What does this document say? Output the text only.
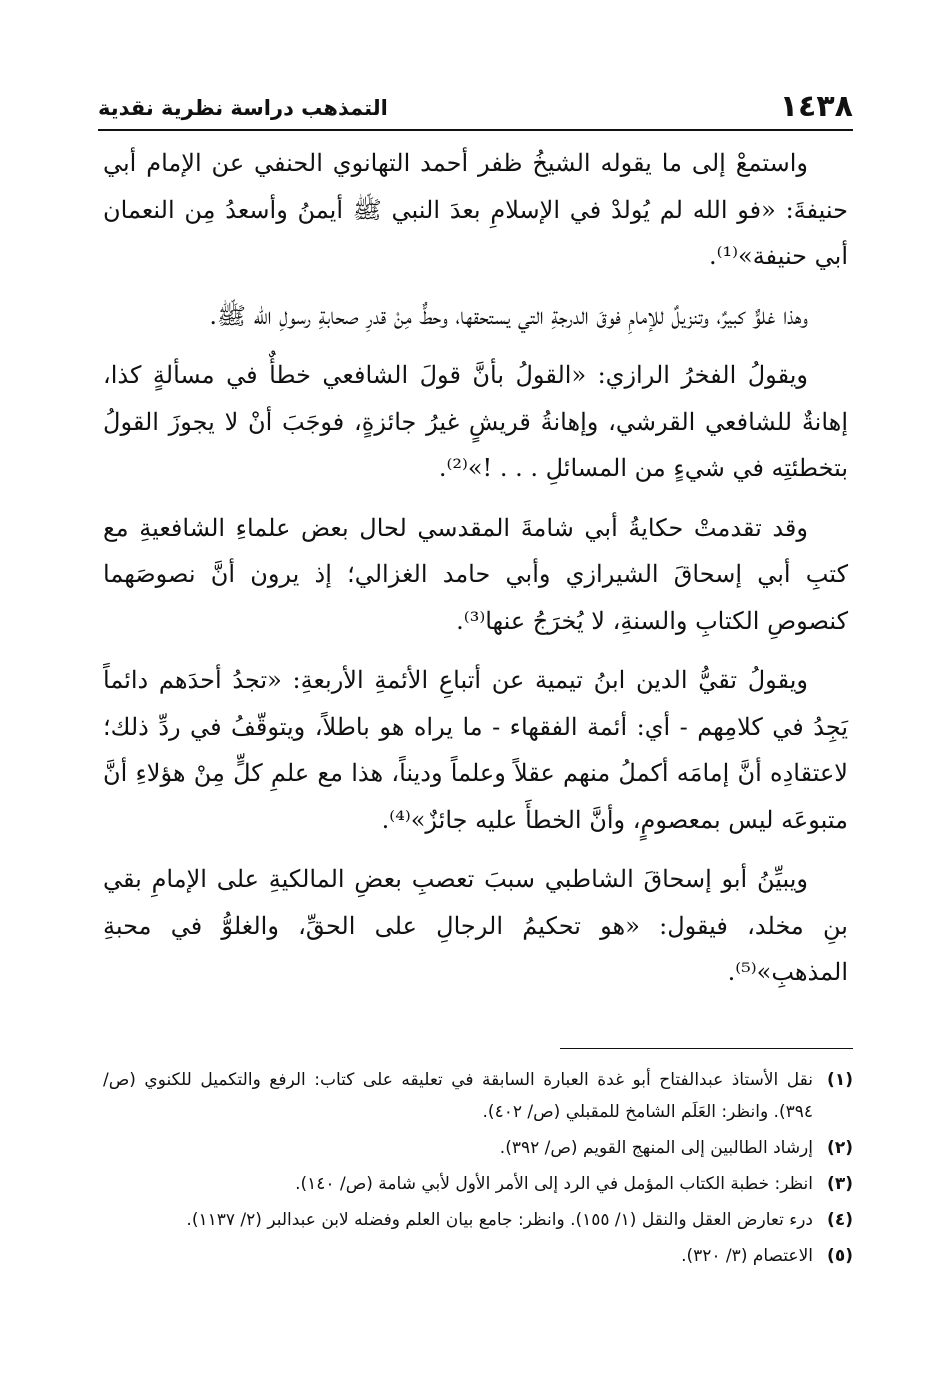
١٤٣٨
التمذهب دراسة نظرية نقدية

واستمعْ إلى ما يقوله الشيخُ ظفر أحمد التهانوي الحنفي عن الإمام أبي حنيفةَ: «فو الله لم يُولدْ في الإسلامِ بعدَ النبي ﷺ أيمنُ وأسعدُ مِن النعمان أبي حنيفة»⁽¹⁾.

وهذا غلوٌّ كبيرٌ، وتنزيلٌ للإمامِ فوقَ الدرجةِ التي يستحقها، وحطٌّ مِنْ قدرِ صحابةِ رسولِ الله ﷺ.

ويقولُ الفخرُ الرازي: «القولُ بأنَّ قولَ الشافعي خطأٌ في مسألةٍ كذا، إهانةٌ للشافعي القرشي، وإهانةُ قريشٍ غيرُ جائزةٍ، فوجَبَ أنْ لا يجوزَ القولُ بتخطئتِه في شيءٍ من المسائلِ . . . !»⁽²⁾.

وقد تقدمتْ حكايةُ أبي شامةَ المقدسي لحال بعض علماءِ الشافعيةِ مع كتبِ أبي إسحاقَ الشيرازي وأبي حامد الغزالي؛ إذ يرون أنَّ نصوصَهما كنصوصِ الكتابِ والسنةِ، لا يُخرَجُ عنها⁽³⁾.

ويقولُ تقيُّ الدين ابنُ تيمية عن أتباعِ الأئمةِ الأربعةِ: «تجدُ أحدَهم دائماً يَجِدُ في كلامِهم - أي: أئمة الفقهاء - ما يراه هو باطلاً، ويتوقّفُ في ردِّ ذلك؛ لاعتقادِه أنَّ إمامَه أكملُ منهم عقلاً وعلماً وديناً، هذا مع علمِ كلٍّ مِنْ هؤلاءِ أنَّ متبوعَه ليس بمعصومٍ، وأنَّ الخطأَ عليه جائزٌ»⁽⁴⁾.

ويبيِّنُ أبو إسحاقَ الشاطبي سببَ تعصبِ بعضِ المالكيةِ على الإمامِ بقي بنِ مخلد، فيقول: «هو تحكيمُ الرجالِ على الحقِّ، والغلوُّ في محبةِ المذهبِ»⁽⁵⁾.

(١)
نقل الأستاذ عبدالفتاح أبو غدة العبارة السابقة في تعليقه على كتاب: الرفع والتكميل للكنوي (ص/ ٣٩٤). وانظر: العَلَم الشامخ للمقبلي (ص/ ٤٠٢).
(٢)
إرشاد الطالبين إلى المنهج القويم (ص/ ٣٩٢).
(٣)
انظر: خطبة الكتاب المؤمل في الرد إلى الأمر الأول لأبي شامة (ص/ ١٤٠).
(٤)
درء تعارض العقل والنقل (١/ ١٥٥). وانظر: جامع بيان العلم وفضله لابن عبدالبر (٢/ ١١٣٧).
(٥)
الاعتصام (٣/ ٣٢٠).
